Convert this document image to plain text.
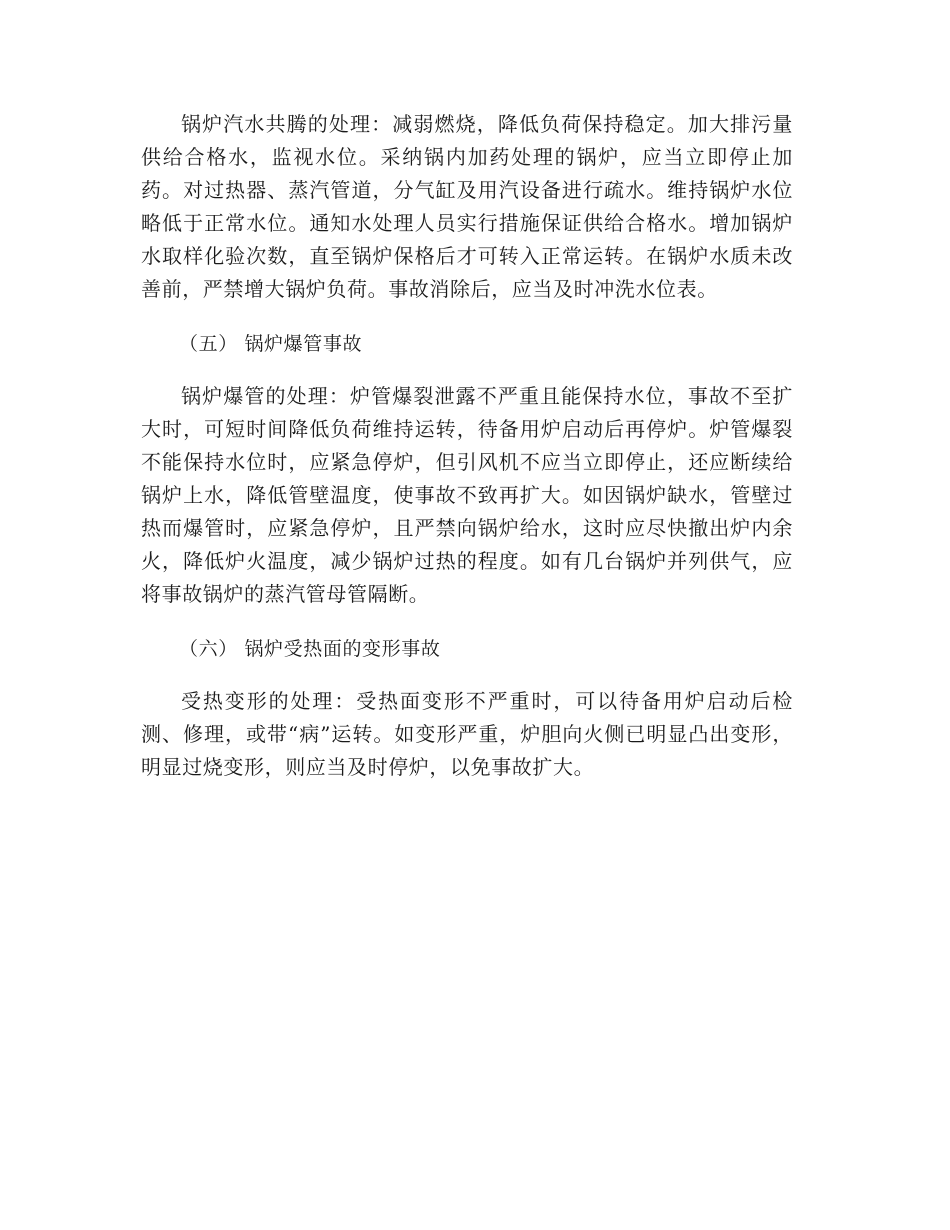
锅炉汽水共腾的处理：减弱燃烧，降低负荷保持稳定。加大排污量供给合格水，监视水位。采纳锅内加药处理的锅炉，应当立即停止加药。对过热器、蒸汽管道，分气缸及用汽设备进行疏水。维持锅炉水位略低于正常水位。通知水处理人员实行措施保证供给合格水。增加锅炉水取样化验次数，直至锅炉保格后才可转入正常运转。在锅炉水质未改善前，严禁增大锅炉负荷。事故消除后，应当及时冲洗水位表。

（五） 锅炉爆管事故

锅炉爆管的处理：炉管爆裂泄露不严重且能保持水位，事故不至扩大时，可短时间降低负荷维持运转，待备用炉启动后再停炉。炉管爆裂不能保持水位时，应紧急停炉，但引风机不应当立即停止，还应断续给锅炉上水，降低管壁温度，使事故不致再扩大。如因锅炉缺水，管壁过热而爆管时，应紧急停炉，且严禁向锅炉给水，这时应尽快撤出炉内余火，降低炉火温度，减少锅炉过热的程度。如有几台锅炉并列供气，应将事故锅炉的蒸汽管母管隔断。

（六） 锅炉受热面的变形事故

受热变形的处理：受热面变形不严重时，可以待备用炉启动后检测、修理，或带“病”运转。如变形严重，炉胆向火侧已明显凸出变形，明显过烧变形，则应当及时停炉，以免事故扩大。
